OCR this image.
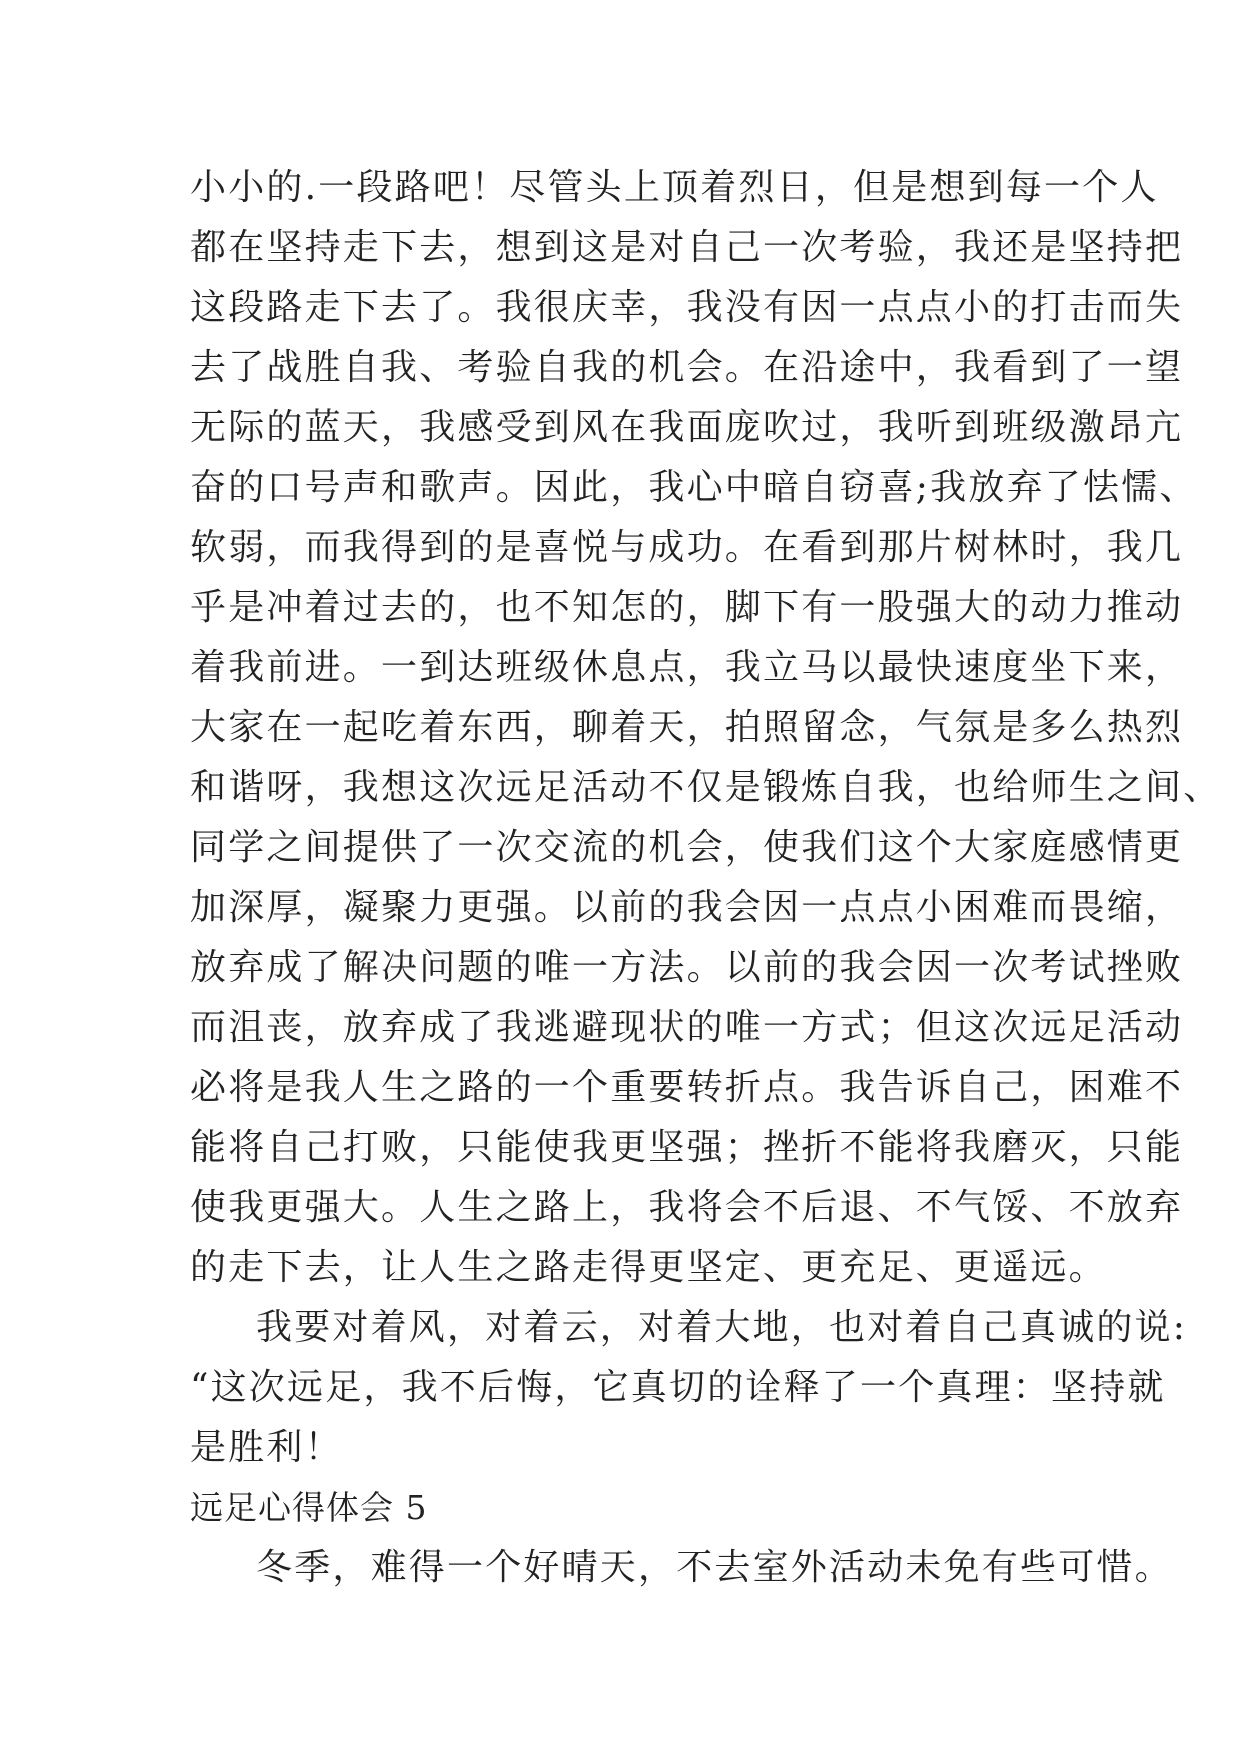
小小的.一段路吧！尽管头上顶着烈日，但是想到每一个人
都在坚持走下去，想到这是对自己一次考验，我还是坚持把
这段路走下去了。我很庆幸，我没有因一点点小的打击而失
去了战胜自我、考验自我的机会。在沿途中，我看到了一望
无际的蓝天，我感受到风在我面庞吹过，我听到班级激昂亢
奋的口号声和歌声。因此，我心中暗自窃喜;我放弃了怯懦、
软弱，而我得到的是喜悦与成功。在看到那片树林时，我几
乎是冲着过去的，也不知怎的，脚下有一股强大的动力推动
着我前进。一到达班级休息点，我立马以最快速度坐下来，
大家在一起吃着东西，聊着天，拍照留念，气氛是多么热烈
和谐呀，我想这次远足活动不仅是锻炼自我，也给师生之间、
同学之间提供了一次交流的机会，使我们这个大家庭感情更
加深厚，凝聚力更强。以前的我会因一点点小困难而畏缩，
放弃成了解决问题的唯一方法。以前的我会因一次考试挫败
而沮丧，放弃成了我逃避现状的唯一方式；但这次远足活动
必将是我人生之路的一个重要转折点。我告诉自己，困难不
能将自己打败，只能使我更坚强；挫折不能将我磨灭，只能
使我更强大。人生之路上，我将会不后退、不气馁、不放弃
的走下去，让人生之路走得更坚定、更充足、更遥远。
我要对着风，对着云，对着大地，也对着自己真诚的说:
“这次远足，我不后悔，它真切的诠释了一个真理：坚持就
是胜利！
远足心得体会 5
冬季，难得一个好晴天，不去室外活动未免有些可惜。
